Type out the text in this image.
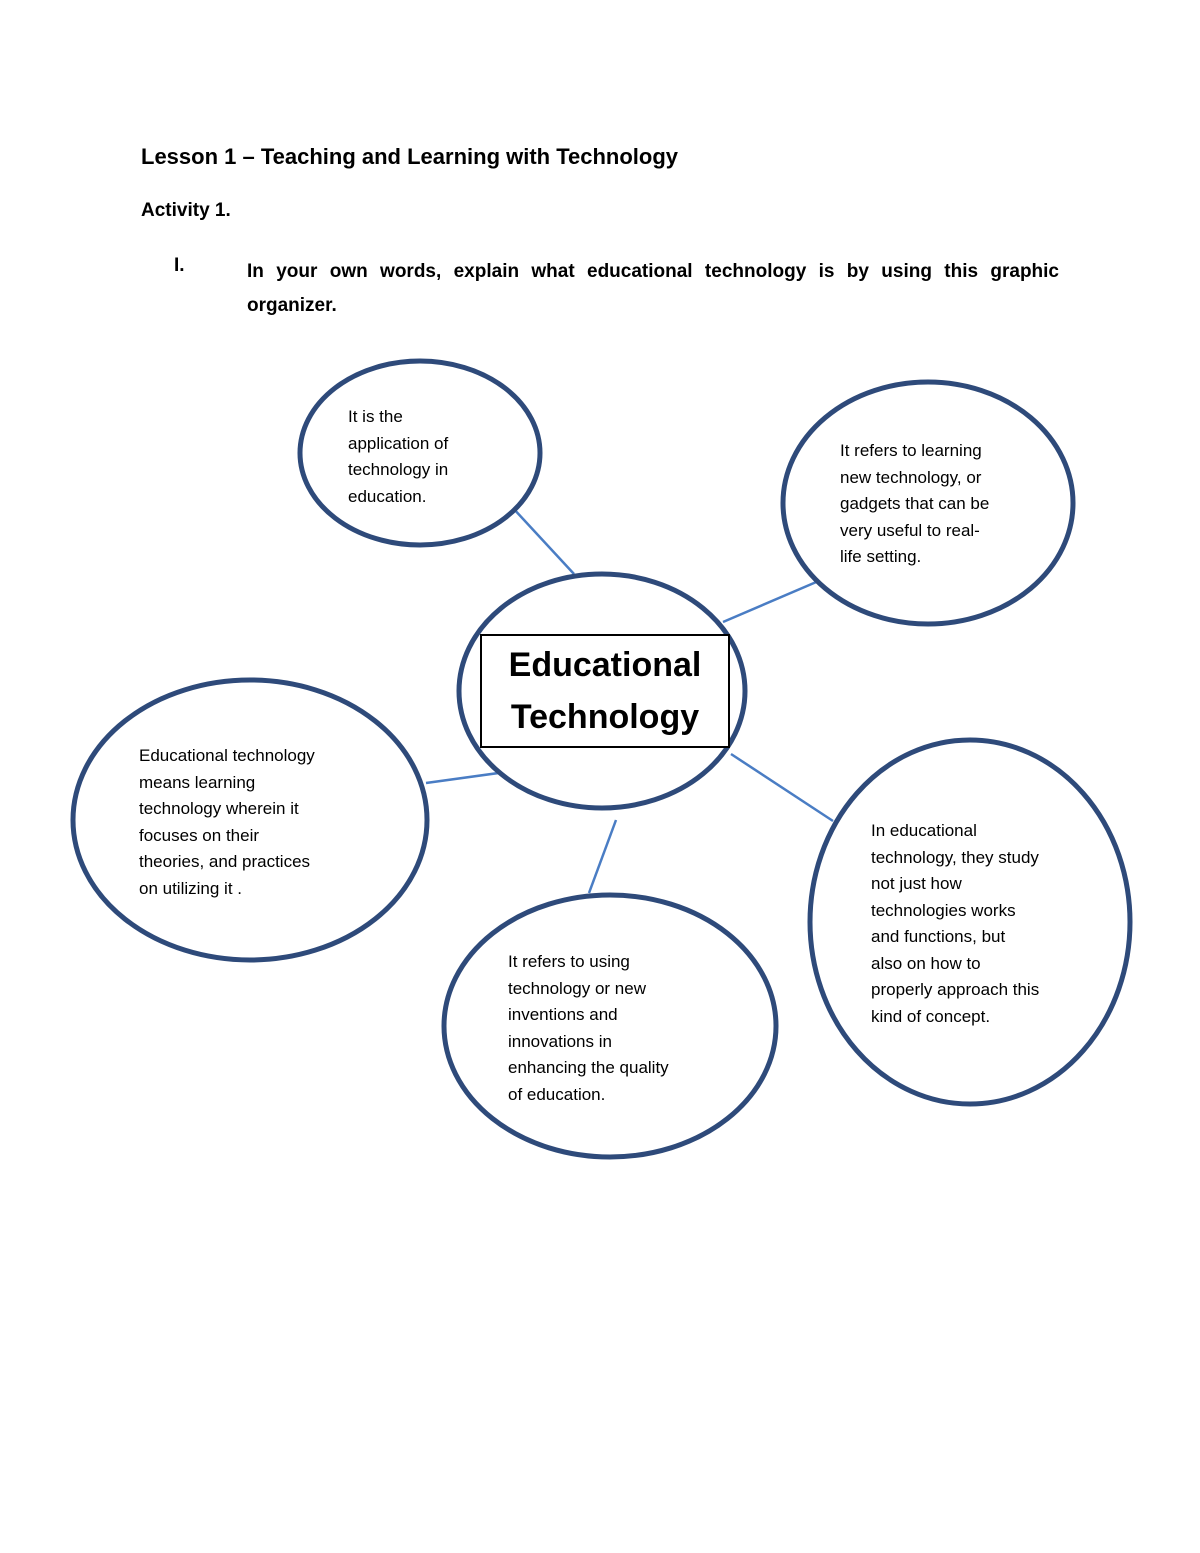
Lesson 1 – Teaching and Learning with Technology
Activity 1.
I.	In your own words, explain what educational technology is by using this graphic organizer.
Educational
Technology
It is the
application of
technology in
education.
It refers to learning
new technology, or
gadgets that can be
very useful to real-
life setting.
Educational technology
means learning
technology wherein it
focuses on their
theories, and practices
on utilizing it .
It refers to using
technology or new
inventions and
innovations in
enhancing the quality
of education.
In educational
technology, they study
not just how
technologies works
and functions, but
also on how to
properly approach this
kind of concept.
